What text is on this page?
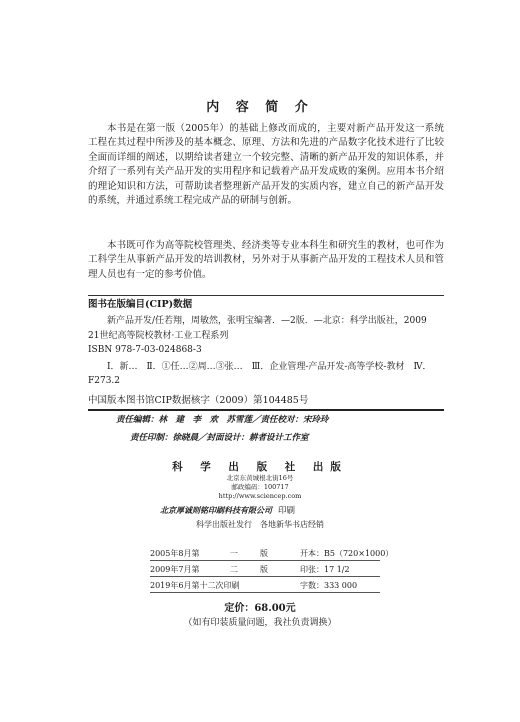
内 容 简 介

本书是在第一版（2005年）的基础上修改而成的，主要对新产品开发这一系统工程在其过程中所涉及的基本概念、原理、方法和先进的产品数字化技术进行了比较全面而详细的阐述，以期给读者建立一个较完整、清晰的新产品开发的知识体系，并介绍了一系列有关产品开发的实用程序和记载着产品开发成败的案例。应用本书介绍的理论知识和方法，可帮助读者整理新产品开发的实质内容，建立自己的新产品开发的系统，并通过系统工程完成产品的研制与创新。

本书既可作为高等院校管理类、经济类等专业本科生和研究生的教材，也可作为工科学生从事新产品开发的培训教材，另外对于从事新产品开发的工程技术人员和管理人员也有一定的参考价值。

图书在版编目(CIP)数据

新产品开发/任若翔，周敏然，张明宝编著．—2版．—北京：科学出版社，2009

21世纪高等院校教材·工业工程系列

ISBN 978-7-03-024868-3

Ⅰ．新…　Ⅱ．①任…②周…③张…　Ⅲ．企业管理-产品开发-高等学校-教材　Ⅳ．F273.2

中国版本图书馆CIP数据核字（2009）第104485号
责任编辑：林　建　李　欢　苏雪莲／责任校对：宋玲玲
责任印制：徐晓晨／封面设计：耕者设计工作室
科 学 出 版 社 出版
北京东黄城根北街16号
邮政编码：100717
http://www.sciencep.com
北京厚诚则铭印刷科技有限公司 印刷
科学出版社发行　各地新华书店经销
2005年8月第	一	版	开本：B5（720×1000）
2009年7月第	二	版	印张：17 1/2
2019年6月第十二次印刷	字数：333 000
定价：68.00元
（如有印装质量问题，我社负责调换）
